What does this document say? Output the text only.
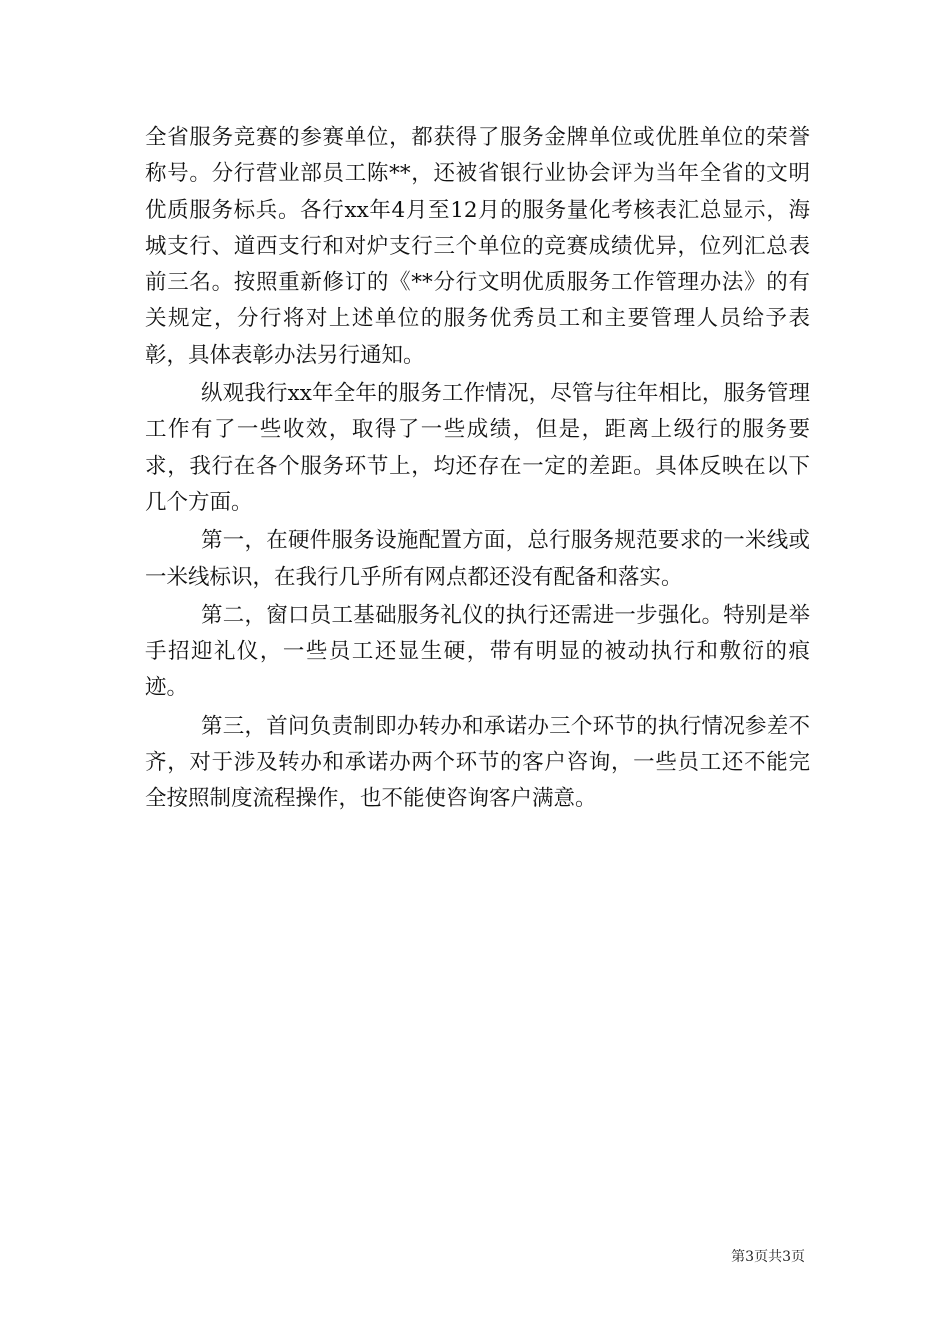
全省服务竞赛的参赛单位，都获得了服务金牌单位或优胜单位的荣誉称号。分行营业部员工陈**，还被省银行业协会评为当年全省的文明优质服务标兵。各行xx年4月至12月的服务量化考核表汇总显示，海城支行、道西支行和对炉支行三个单位的竞赛成绩优异，位列汇总表前三名。按照重新修订的《**分行文明优质服务工作管理办法》的有关规定，分行将对上述单位的服务优秀员工和主要管理人员给予表彰，具体表彰办法另行通知。

纵观我行xx年全年的服务工作情况，尽管与往年相比，服务管理工作有了一些收效，取得了一些成绩，但是，距离上级行的服务要求，我行在各个服务环节上，均还存在一定的差距。具体反映在以下几个方面。

第一，在硬件服务设施配置方面，总行服务规范要求的一米线或一米线标识，在我行几乎所有网点都还没有配备和落实。

第二，窗口员工基础服务礼仪的执行还需进一步强化。特别是举手招迎礼仪，一些员工还显生硬，带有明显的被动执行和敷衍的痕迹。

第三，首问负责制即办转办和承诺办三个环节的执行情况参差不齐，对于涉及转办和承诺办两个环节的客户咨询，一些员工还不能完全按照制度流程操作，也不能使咨询客户满意。

第3页共3页
